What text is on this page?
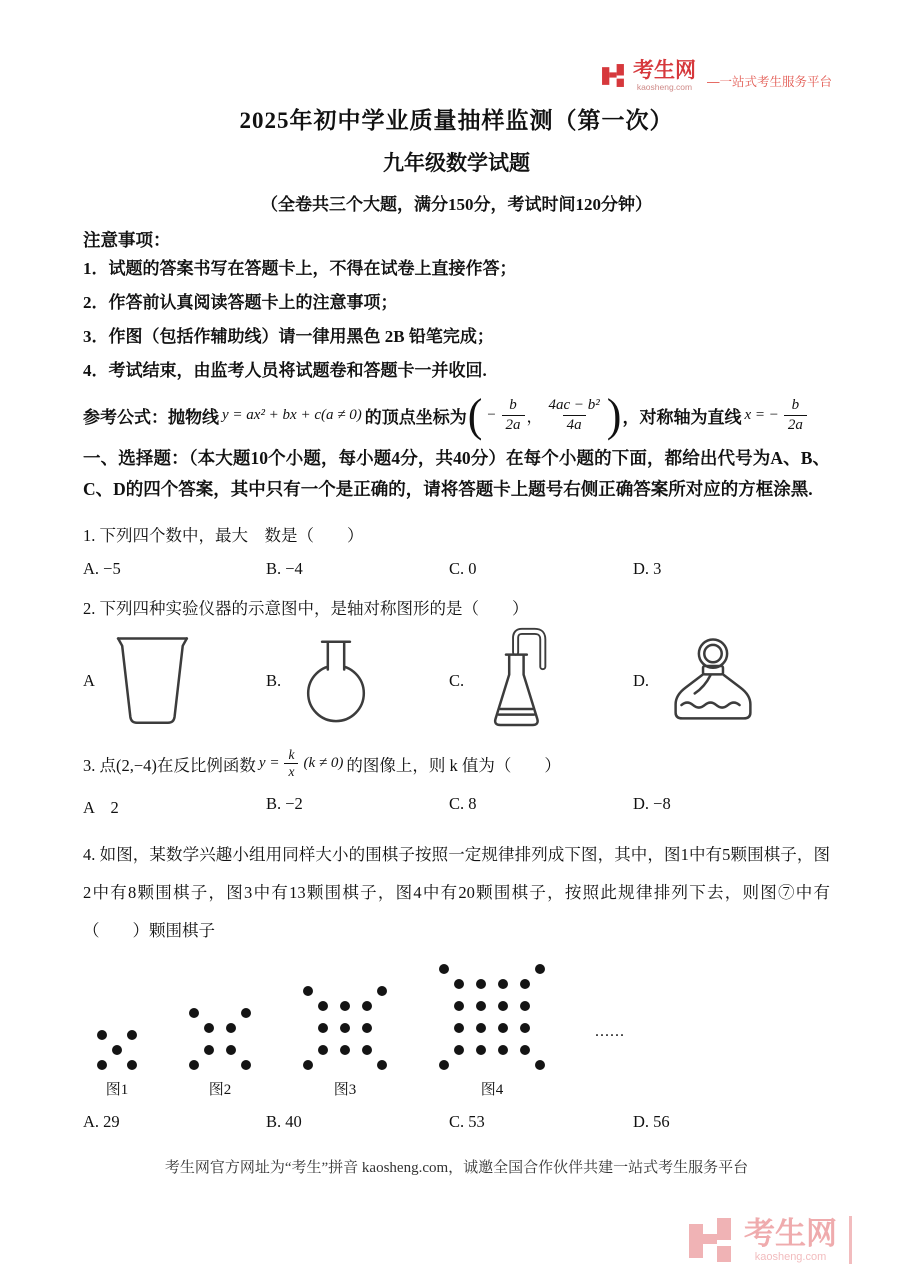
考生网
kaosheng.com —一站式考生服务平台
2025年初中学业质量抽样监测（第一次）
九年级数学试题
（全卷共三个大题，满分150分，考试时间120分钟）
注意事项：
1．试题的答案书写在答题卡上，不得在试卷上直接作答；
2．作答前认真阅读答题卡上的注意事项；
3．作图（包括作辅助线）请一律用黑色 2B 铅笔完成；
4．考试结束，由监考人员将试题卷和答题卡一并收回.
参考公式：抛物线 y = ax² + bx + c(a ≠ 0) 的顶点坐标为 ( − $\frac{b}{2a}$ ， $\frac{\text{4ac − b²}}{4a}$ ) ，对称轴为直线 x = − $\frac{b}{2a}$
一、选择题：（本大题10个小题，每小题4分，共40分）在每个小题的下面，都给出代号为A、B、C、D的四个答案，其中只有一个是正确的，请将答题卡上题号右侧正确答案所对应的方框涂黑.
1. 下列四个数中，最大　数是（　　）
A. −5	B. −4	C. 0	D. 3
2. 下列四种实验仪器的示意图中，是轴对称图形的是（　　）
A	B.	C.	D.
3. 点(2,−4)在反比例函数 $y = \frac{k}{x} (k \ne 0)$ 的图像上，则 k 值为（　　）
A　2	B. −2	C. 8	D. −8
4. 如图，某数学兴趣小组用同样大小的围棋子按照一定规律排列成下图，其中，图1中有5颗围棋子，图2中有8颗围棋子，图3中有13颗围棋子，图4中有20颗围棋子，按照此规律排列下去，则图⑦中有（　　）颗围棋子
图1	图2	图3	图4
......
A. 29	B. 40	C. 53	D. 56
考生网官方网址为“考生”拼音 kaosheng.com，诚邀全国合作伙伴共建一站式考生服务平台
考生网
kaosheng.com
